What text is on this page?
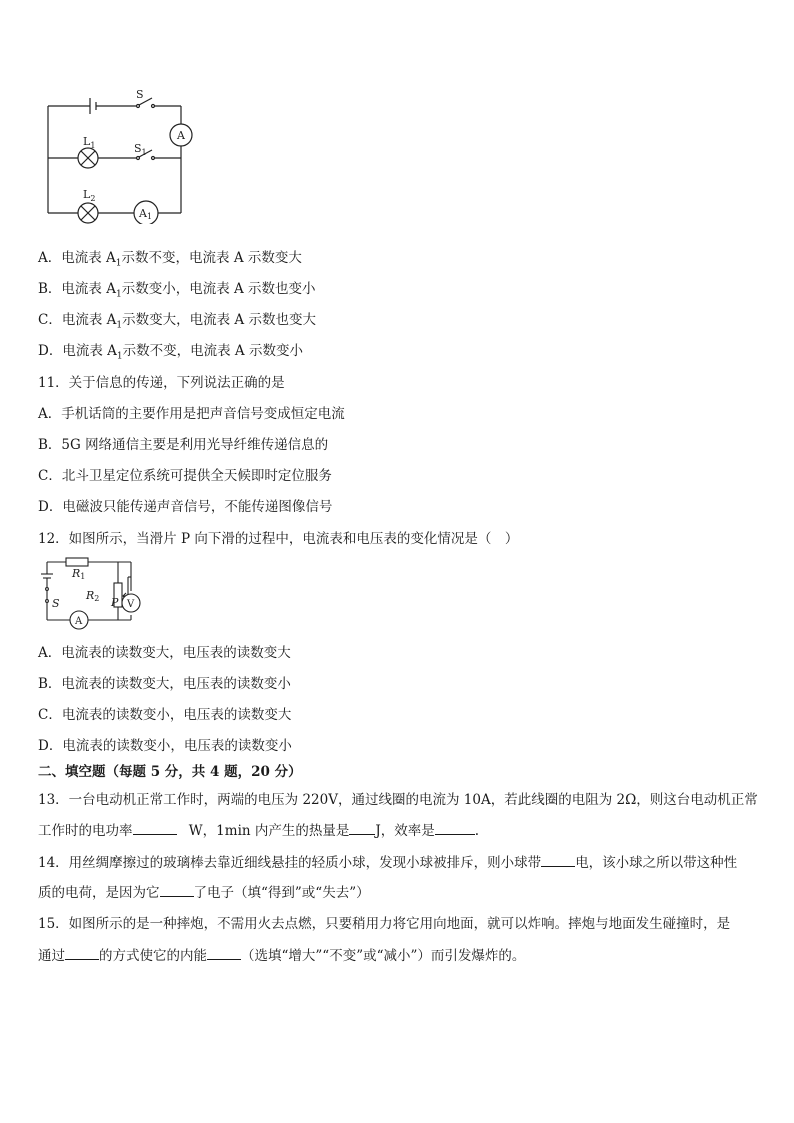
S
A
$S_1$
$L_1$
$L_2$
A1
A．电流表 $A_1$示数不变，电流表 A 示数变大
B．电流表 $A_1$示数变小，电流表 A 示数也变小
C．电流表 $A_1$示数变大，电流表 A 示数也变大
D．电流表 $A_1$示数不变，电流表 A 示数变小
11．关于信息的传递，下列说法正确的是
A．手机话筒的主要作用是把声音信号变成恒定电流
B．5G 网络通信主要是利用光导纤维传递信息的
C．北斗卫星定位系统可提供全天候即时定位服务
D．电磁波只能传递声音信号，不能传递图像信号
12．如图所示，当滑片 P 向下滑的过程中，电流表和电压表的变化情况是（　）
R1
R2 P
S	V
A
A．电流表的读数变大，电压表的读数变大
B．电流表的读数变大，电压表的读数变小
C．电流表的读数变小，电压表的读数变大
D．电流表的读数变小，电压表的读数变小
二、填空题（每题 5 分，共 4 题，20 分）
13．一台电动机正常工作时，两端的电压为 220V，通过线圈的电流为 10A，若此线圈的电阻为 2Ω，则这台电动机正常
工作时的电功率	W，1min 内产生的热量是 J，效率是	.
14．用丝绸摩擦过的玻璃棒去靠近细线悬挂的轻质小球，发现小球被排斥，则小球带	电，该小球之所以带这种性
质的电荷，是因为它	了电子（填“得到”或“失去”）
15．如图所示的是一种摔炮，不需用火去点燃，只要稍用力将它用向地面，就可以炸响。摔炮与地面发生碰撞时，是
通过	的方式使它的内能	（选填“增大”“不变”或“减小”）而引发爆炸的。
